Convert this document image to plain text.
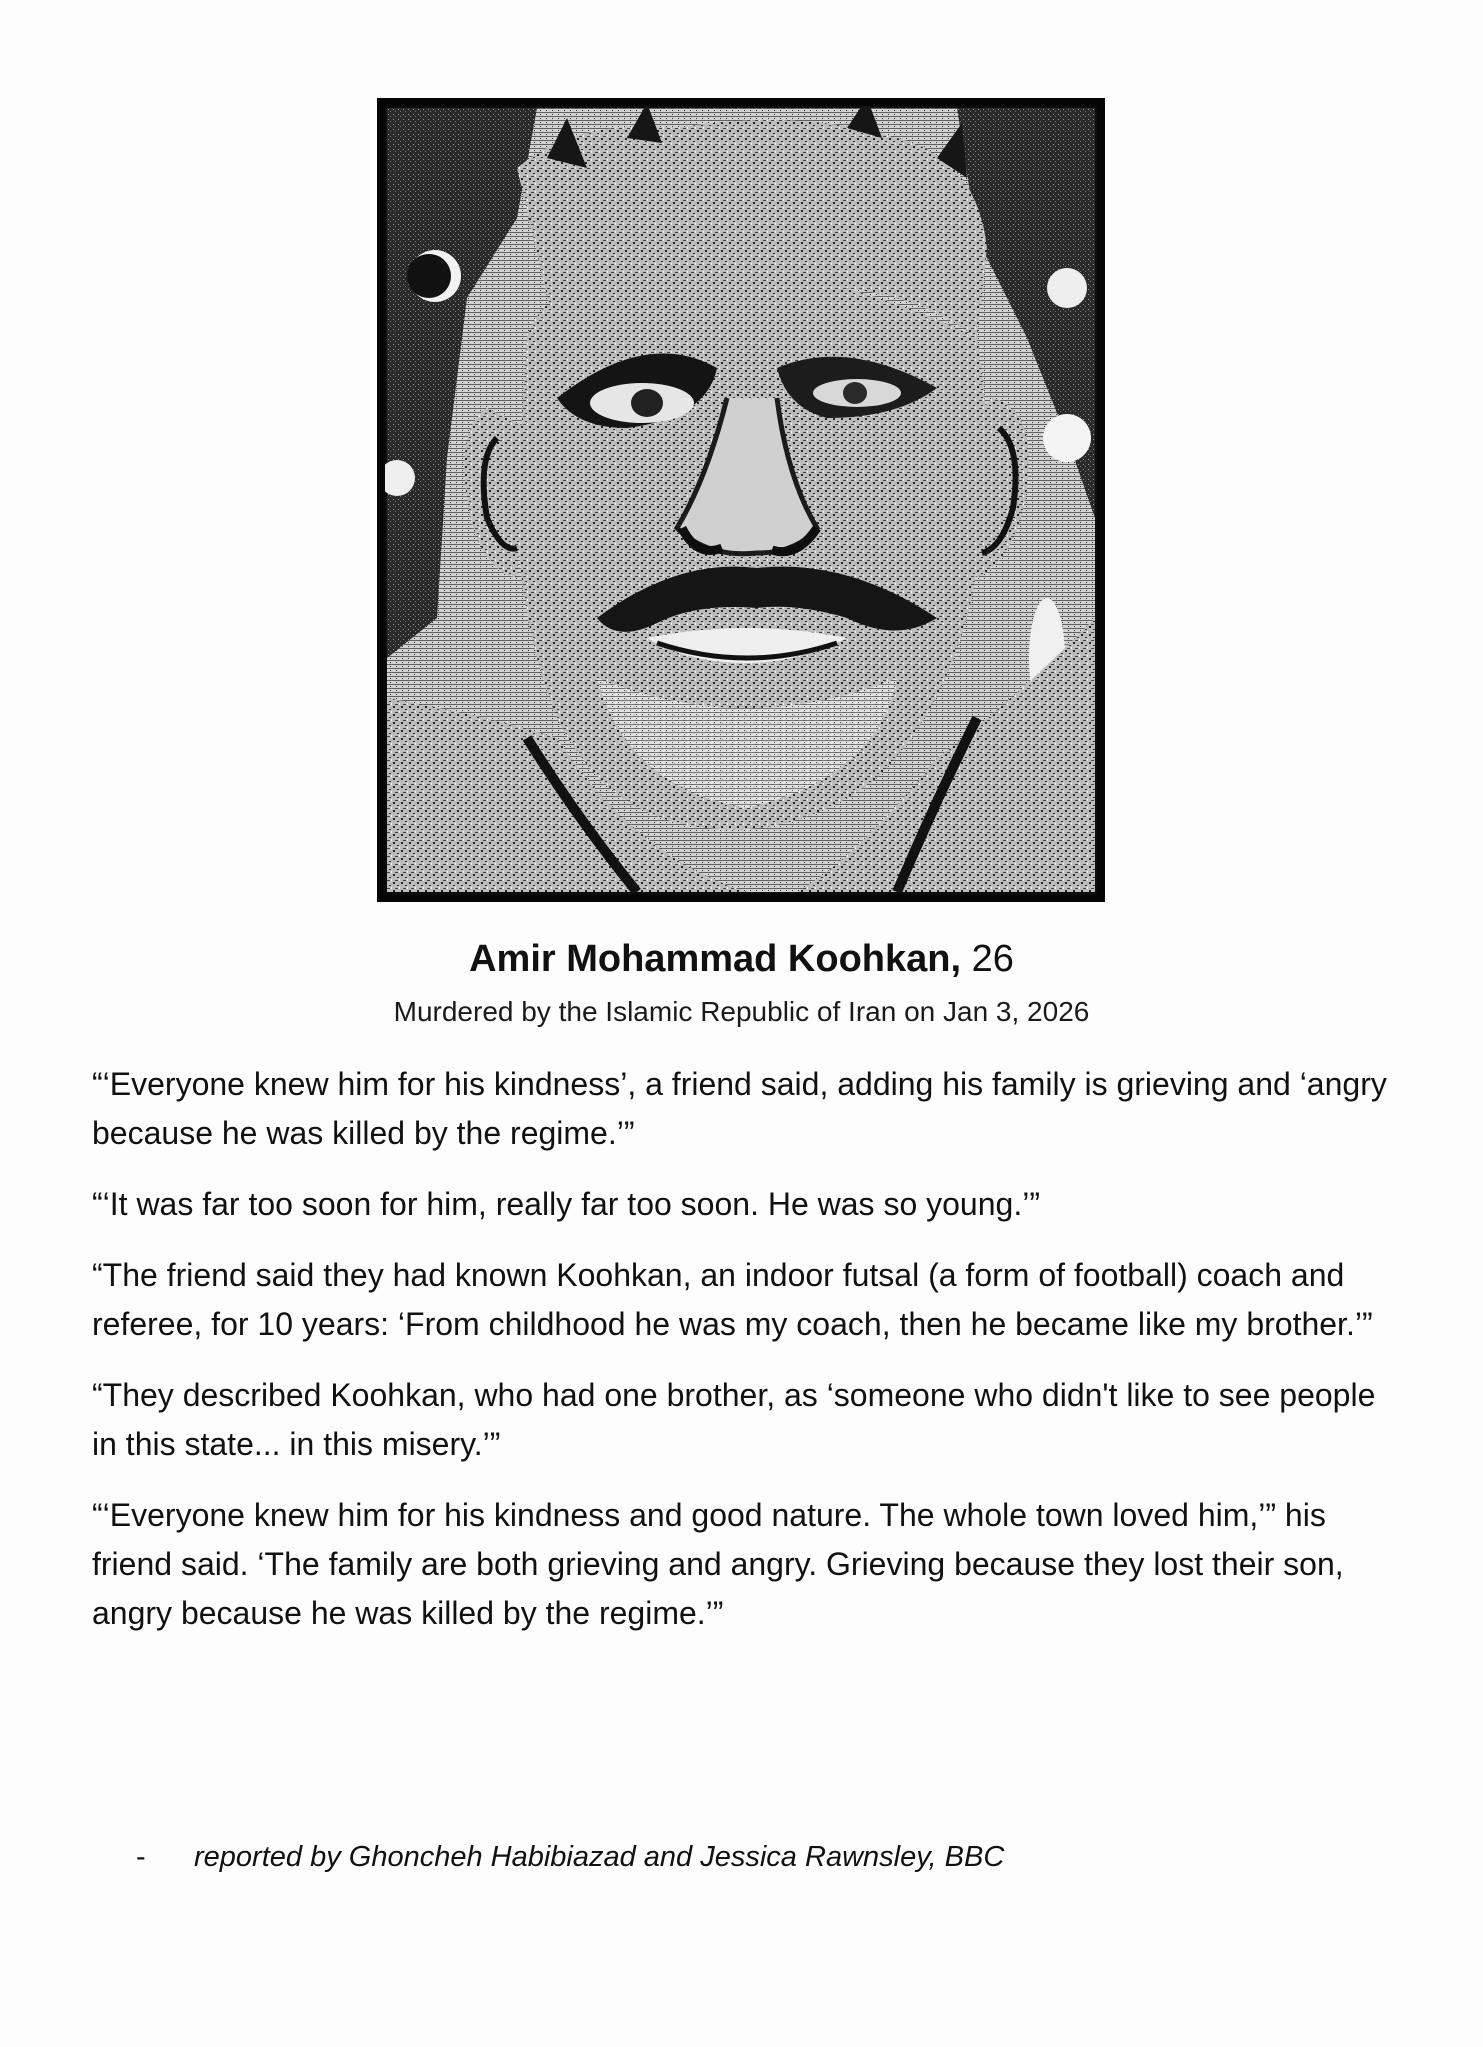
Amir Mohammad Koohkan, 26
Murdered by the Islamic Republic of Iran on Jan 3, 2026

“‘Everyone knew him for his kindness’, a friend said, adding his family is grieving and ‘angry because he was killed by the regime.’”

“‘It was far too soon for him, really far too soon. He was so young.’”

“The friend said they had known Koohkan, an indoor futsal (a form of football) coach and referee, for 10 years: ‘From childhood he was my coach, then he became like my brother.’”

“They described Koohkan, who had one brother, as ‘someone who didn't like to see people in this state... in this misery.’”

“‘Everyone knew him for his kindness and good nature. The whole town loved him,’” his friend said. ‘The family are both grieving and angry. Grieving because they lost their son, angry because he was killed by the regime.’”

- reported by Ghoncheh Habibiazad and Jessica Rawnsley, BBC
